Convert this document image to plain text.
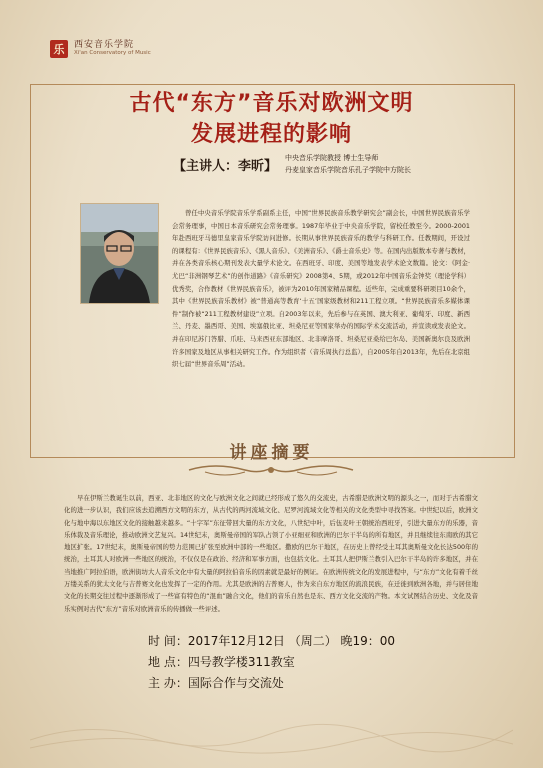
乐	西安音乐学院
Xi'an Conservatory of Music
古代“东方”音乐对欧洲文明
发展进程的影响
【主讲人：李昕】
中央音乐学院教授 博士生导师
丹麦皇家音乐学院音乐孔子学院中方院长
曾任中央音乐学院音乐学系副系主任，中国“世界民族音乐教学研究会”副会长，中国世界民族音乐学会常务理事，中国日本音乐研究会常务理事。1987年毕业于中央音乐学院，留校任教至今。2000-2001年赴西班牙马德里皇家音乐学院访问进修。长期从事世界民族音乐的教学与科研工作。任教期间，开设过的课程有：《世界民族音乐》、《黑人音乐》、《美洲音乐》、《爵士音乐史》等。在国内出版数本专著与教材，并在各类音乐核心期刊发表大量学术论文。在西班牙、印度、美国等地发表学术论文数篇。论文：《阿金·尤巴“非洲钢琴艺术”的创作道路》《音乐研究》2008第4、5期，或2012年中国音乐金钟奖（理论学科）优秀奖，合作教材《世界民族音乐》，被评为2010年国家精品课程。近些年，完成重要科研项目10余个，其中《世界民族音乐教材》被“普通高等教育‘十五’国家级教材和211工程立项。“世界民族音乐多媒体课件”制作被“211工程教材建设”立项。自2003年以来，先后参与在英国、澳大利亚、葡萄牙、印度、新西兰、丹麦、墨西哥、美国、埃塞俄比亚、坦桑尼亚等国家举办的国际学术交流活动，并宣读或发表论文。并在印尼苏门答腊、爪哇、马来西亚东部地区、北非摩洛哥、坦桑尼亚桑给巴尔岛、美国新奥尔良及欧洲许多国家及地区从事相关研究工作。作为组织者（音乐周执行总监），自2005年自2013年，先后在北京组织七届“世界音乐周”活动。
讲座摘要
早在伊斯兰教诞生以前，西亚、北非地区的文化与欧洲文化之间就已经形成了悠久的交流史，古希腊是欧洲文明的源头之一，而对于古希腊文化的进一步认识，我们应该去追溯西方文明的东方，从古代的两河流域文化、尼罗河流域文化等相关的文化类型中寻找答案。中世纪以后，欧洲文化与地中海以东地区文化的接触越来越多。“十字军”东征带回大量的东方文化，八世纪中叶，后伍麦叶王朝统治西班牙，引进大量东方的乐器，音乐体裁及音乐理论，推动欧洲文艺复兴。14世纪末，奥斯曼帝国的军队占领了小亚细亚和欧洲的巴尔干半岛的所有地区，并且继续往东南欧的其它地区扩张。17世纪末，奥斯曼帝国的势力范围已扩张至欧洲中部的一些地区。撒欧的巴尔干地区，在历史上曾经受土耳其奥斯曼文化长达500年的统治，土耳其人对欧洲一些地区的统治，不仅仅是在政治、经济和军事方面，也包括文化。土耳其人把伊斯兰教引入巴尔干半岛的许多地区，并在当地推广阿拉伯语，欧洲街坊大人音乐文化中有大量的阿拉伯音乐的因素就是最好的例证。在欧洲传统文化的发展进程中，与“东方”文化有着千丝万缕关系的犹太文化与吉普赛文化也发挥了一定的作用。尤其是欧洲的吉普赛人，作为来自东方地区的流浪民族，在迁徙到欧洲各地，并与居住地文化的长期交往过程中逐渐形成了一些富有特色的“混血”融合文化，他们的音乐自然也是东、西方文化交流的产物。本文试图结合历史、文化及音乐实例对古代“东方”音乐对欧洲音乐的传播做一些评述。
时 间：2017年12月12日 （周二） 晚19：00
地 点：四号教学楼311教室
主 办：国际合作与交流处
